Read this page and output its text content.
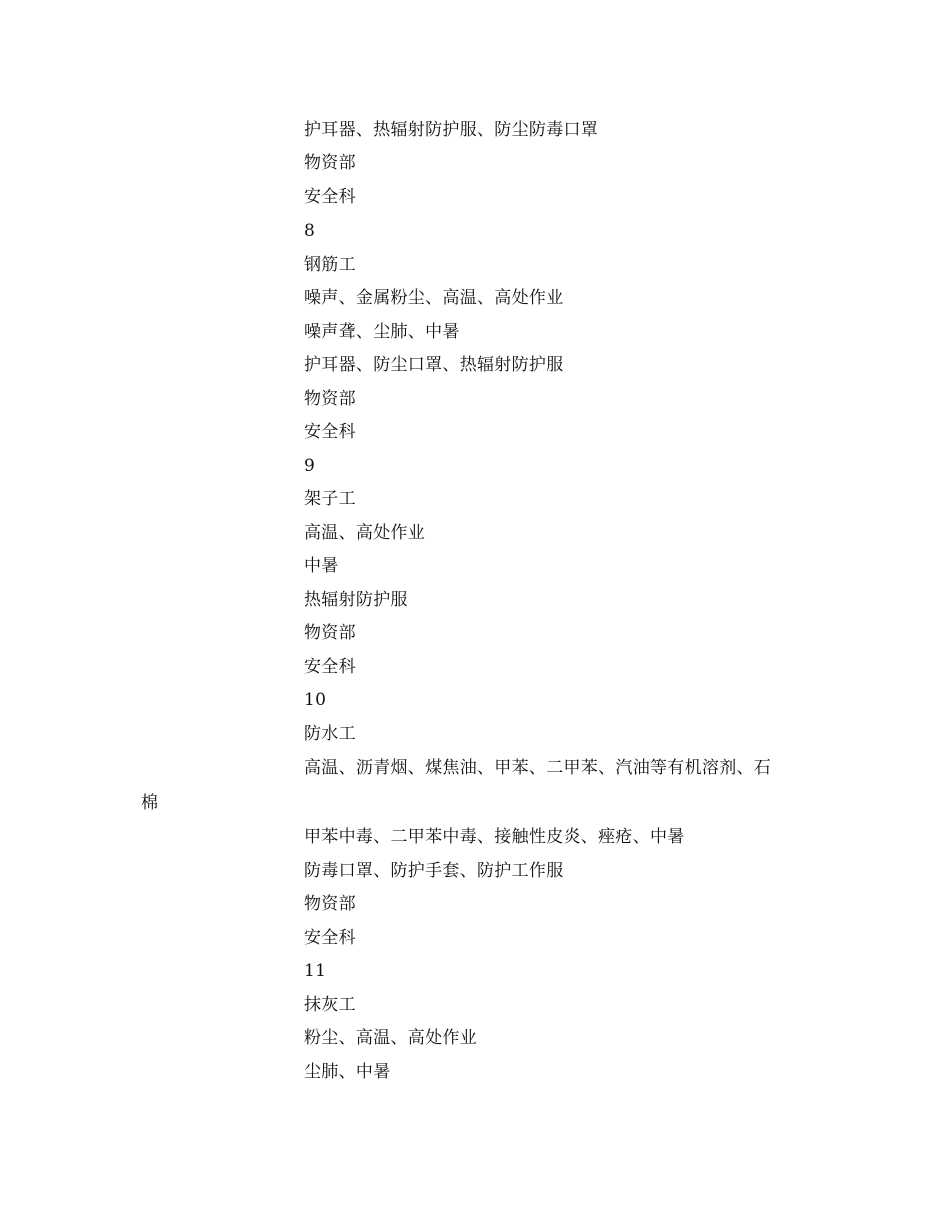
护耳器、热辐射防护服、防尘防毒口罩
物资部
安全科
8
钢筋工
噪声、金属粉尘、高温、高处作业
噪声聋、尘肺、中暑
护耳器、防尘口罩、热辐射防护服
物资部
安全科
9
架子工
高温、高处作业
中暑
热辐射防护服
物资部
安全科
10
防水工
高温、沥青烟、煤焦油、甲苯、二甲苯、汽油等有机溶剂、石
棉
甲苯中毒、二甲苯中毒、接触性皮炎、痤疮、中暑
防毒口罩、防护手套、防护工作服
物资部
安全科
11
抹灰工
粉尘、高温、高处作业
尘肺、中暑
